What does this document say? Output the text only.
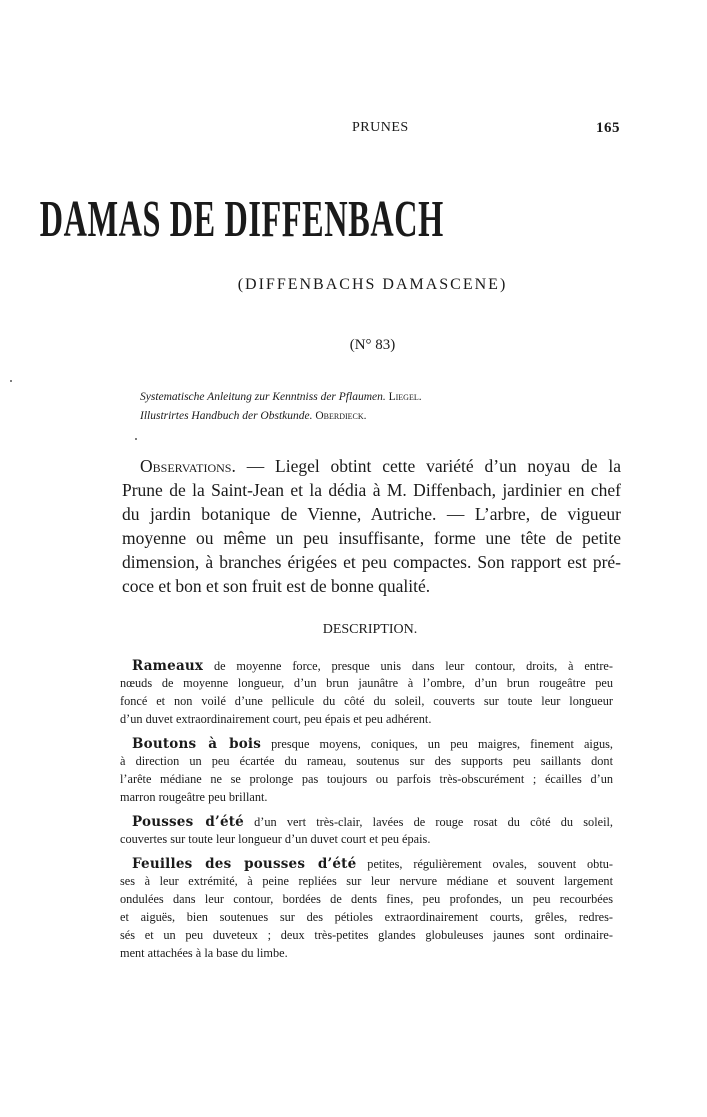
PRUNES	165
DAMAS DE DIFFENBACH
(DIFFENBACHS DAMASCENE)
(N° 83)
Systematische Anleitung zur Kenntniss der Pflaumen. Liegel.
Illustrirtes Handbuch der Obstkunde. Oberdieck.
Observations. — Liegel obtint cette variété d’un noyau de la
Prune de la Saint-Jean et la dédia à M. Diffenbach, jardinier en chef
du jardin botanique de Vienne, Autriche. — L’arbre, de vigueur
moyenne ou même un peu insuffisante, forme une tête de petite
dimension, à branches érigées et peu compactes. Son rapport est pré-
coce et bon et son fruit est de bonne qualité.
DESCRIPTION.
Rameaux de moyenne force, presque unis dans leur contour, droits, à entre-
nœuds de moyenne longueur, d’un brun jaunâtre à l’ombre, d’un brun rougeâtre peu
foncé et non voilé d’une pellicule du côté du soleil, couverts sur toute leur longueur
d’un duvet extraordinairement court, peu épais et peu adhérent.
Boutons à bois presque moyens, coniques, un peu maigres, finement aigus,
à direction un peu écartée du rameau, soutenus sur des supports peu saillants dont
l’arête médiane ne se prolonge pas toujours ou parfois très-obscurément ; écailles d’un
marron rougeâtre peu brillant.
Pousses d’été d’un vert très-clair, lavées de rouge rosat du côté du soleil,
couvertes sur toute leur longueur d’un duvet court et peu épais.
Feuilles des pousses d’été petites, régulièrement ovales, souvent obtu-
ses à leur extrémité, à peine repliées sur leur nervure médiane et souvent largement
ondulées dans leur contour, bordées de dents fines, peu profondes, un peu recourbées
et aiguës, bien soutenues sur des pétioles extraordinairement courts, grêles, redres-
sés et un peu duveteux ; deux très-petites glandes globuleuses jaunes sont ordinaire-
ment attachées à la base du limbe.
